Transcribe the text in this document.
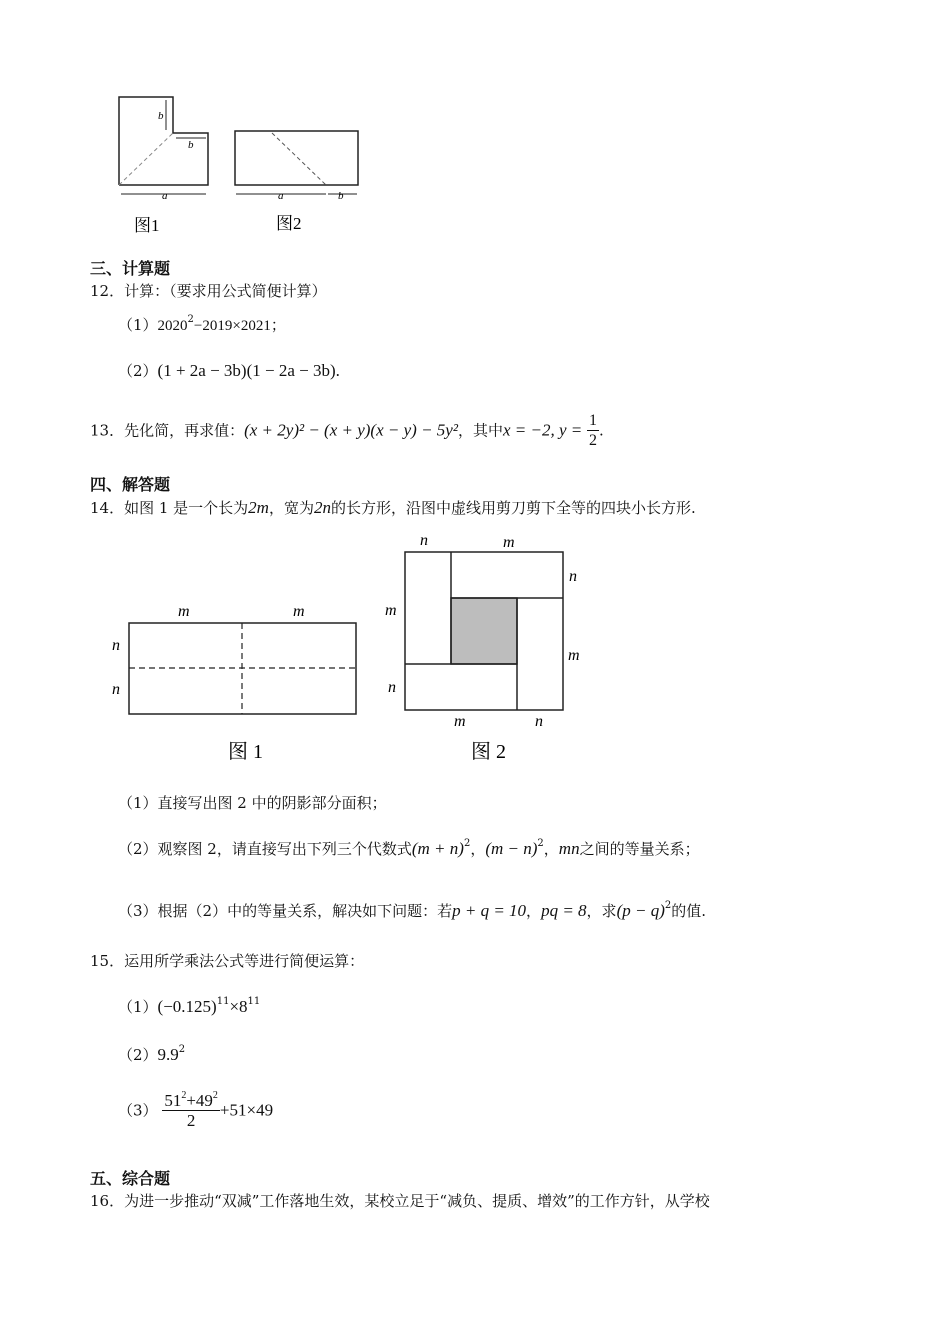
b
b
a
图1
a	b
图2
三、计算题
12．计算：（要求用公式简便计算）
$(1)2020^2-2019\times 2021$；
（2）(1 + 2a − 3b)(1 − 2a − 3b).
13．先化简，再求值：(x + 2y)² − (x + y)(x − y) − 5y²，其中x = −2, $y = \frac{1}{2}$ .
四、解答题
14．如图 1 是一个长为2m，宽为2n的长方形，沿图中虚线用剪刀剪下全等的四块小长方形.
m	m
n
n
图 1
n	m
n
m
m
n
m	n
图 2
（1）直接写出图 2 中的阴影部分面积；
（2）观察图 2，请直接写出下列三个代数式$(m + n)^2$，$(m - n)^2$，mn之间的等量关系；
（3）根据（2）中的等量关系，解决如下问题：若p + q = 10，pq = 8，求$(p - q)^2$的值.
15．运用所学乘法公式等进行简便运算：
$(1)(-0.125)^{11}\times 8^{11}$
$(2)9.9^2$
$(3) \frac{51^2+49^2}{2} +51\times 49$
五、综合题
16．为进一步推动“双减”工作落地生效，某校立足于“减负、提质、增效”的工作方针，从学校
